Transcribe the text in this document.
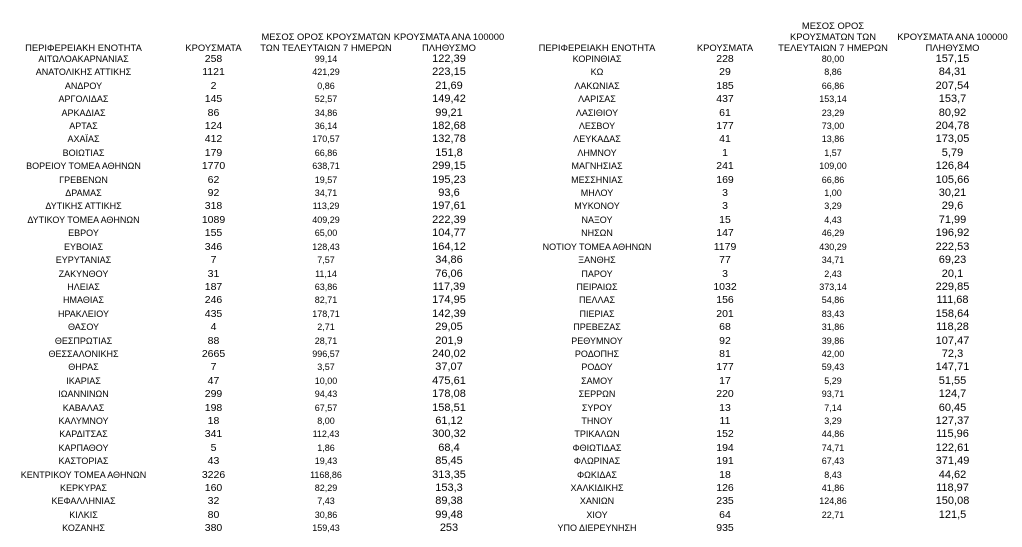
ΠΕΡΙΦΕΡΕΙΑΚΗ ΕΝΟΤΗΤΑ	ΚΡΟΥΣΜΑΤΑ	ΜΕΣΟΣ ΟΡΟΣ ΚΡΟΥΣΜΑΤΩΝ ΤΩΝ ΤΕΛΕΥΤΑΙΩΝ 7 ΗΜΕΡΩΝ	ΚΡΟΥΣΜΑΤΑ ΑΝΑ 100000 ΠΛΗΘΥΣΜΟ
ΑΙΤΩΛΟΑΚΑΡΝΑΝΙΑΣ	258	99,14	122,39
ΑΝΑΤΟΛΙΚΗΣ ΑΤΤΙΚΗΣ	1121	421,29	223,15
ΑΝΔΡΟΥ	2	0,86	21,69
ΑΡΓΟΛΙΔΑΣ	145	52,57	149,42
ΑΡΚΑΔΙΑΣ	86	34,86	99,21
ΑΡΤΑΣ	124	36,14	182,68
ΑΧΑΪΑΣ	412	170,57	132,78
ΒΟΙΩΤΙΑΣ	179	66,86	151,8
ΒΟΡΕΙΟΥ ΤΟΜΕΑ ΑΘΗΝΩΝ	1770	638,71	299,15
ΓΡΕΒΕΝΩΝ	62	19,57	195,23
ΔΡΑΜΑΣ	92	34,71	93,6
ΔΥΤΙΚΗΣ ΑΤΤΙΚΗΣ	318	113,29	197,61
ΔΥΤΙΚΟΥ ΤΟΜΕΑ ΑΘΗΝΩΝ	1089	409,29	222,39
ΕΒΡΟΥ	155	65,00	104,77
ΕΥΒΟΙΑΣ	346	128,43	164,12
ΕΥΡΥΤΑΝΙΑΣ	7	7,57	34,86
ΖΑΚΥΝΘΟΥ	31	11,14	76,06
ΗΛΕΙΑΣ	187	63,86	117,39
ΗΜΑΘΙΑΣ	246	82,71	174,95
ΗΡΑΚΛΕΙΟΥ	435	178,71	142,39
ΘΑΣΟΥ	4	2,71	29,05
ΘΕΣΠΡΩΤΙΑΣ	88	28,71	201,9
ΘΕΣΣΑΛΟΝΙΚΗΣ	2665	996,57	240,02
ΘΗΡΑΣ	7	3,57	37,07
ΙΚΑΡΙΑΣ	47	10,00	475,61
ΙΩΑΝΝΙΝΩΝ	299	94,43	178,08
ΚΑΒΑΛΑΣ	198	67,57	158,51
ΚΑΛΥΜΝΟΥ	18	8,00	61,12
ΚΑΡΔΙΤΣΑΣ	341	112,43	300,32
ΚΑΡΠΑΘΟΥ	5	1,86	68,4
ΚΑΣΤΟΡΙΑΣ	43	19,43	85,45
ΚΕΝΤΡΙΚΟΥ ΤΟΜΕΑ ΑΘΗΝΩΝ	3226	1168,86	313,35
ΚΕΡΚΥΡΑΣ	160	82,29	153,3
ΚΕΦΑΛΛΗΝΙΑΣ	32	7,43	89,38
ΚΙΛΚΙΣ	80	30,86	99,48
ΚΟΖΑΝΗΣ	380	159,43	253
ΠΕΡΙΦΕΡΕΙΑΚΗ ΕΝΟΤΗΤΑ	ΚΡΟΥΣΜΑΤΑ	ΜΕΣΟΣ ΟΡΟΣ ΚΡΟΥΣΜΑΤΩΝ ΤΩΝ ΤΕΛΕΥΤΑΙΩΝ 7 ΗΜΕΡΩΝ	ΚΡΟΥΣΜΑΤΑ ΑΝΑ 100000 ΠΛΗΘΥΣΜΟ
ΚΟΡΙΝΘΙΑΣ	228	80,00	157,15
ΚΩ	29	8,86	84,31
ΛΑΚΩΝΙΑΣ	185	66,86	207,54
ΛΑΡΙΣΑΣ	437	153,14	153,7
ΛΑΣΙΘΙΟΥ	61	23,29	80,92
ΛΕΣΒΟΥ	177	73,00	204,78
ΛΕΥΚΑΔΑΣ	41	13,86	173,05
ΛΗΜΝΟΥ	1	1,57	5,79
ΜΑΓΝΗΣΙΑΣ	241	109,00	126,84
ΜΕΣΣΗΝΙΑΣ	169	66,86	105,66
ΜΗΛΟΥ	3	1,00	30,21
ΜΥΚΟΝΟΥ	3	3,29	29,6
ΝΑΞΟΥ	15	4,43	71,99
ΝΗΣΩΝ	147	46,29	196,92
ΝΟΤΙΟΥ ΤΟΜΕΑ ΑΘΗΝΩΝ	1179	430,29	222,53
ΞΑΝΘΗΣ	77	34,71	69,23
ΠΑΡΟΥ	3	2,43	20,1
ΠΕΙΡΑΙΩΣ	1032	373,14	229,85
ΠΕΛΛΑΣ	156	54,86	111,68
ΠΙΕΡΙΑΣ	201	83,43	158,64
ΠΡΕΒΕΖΑΣ	68	31,86	118,28
ΡΕΘΥΜΝΟΥ	92	39,86	107,47
ΡΟΔΟΠΗΣ	81	42,00	72,3
ΡΟΔΟΥ	177	59,43	147,71
ΣΑΜΟΥ	17	5,29	51,55
ΣΕΡΡΩΝ	220	93,71	124,7
ΣΥΡΟΥ	13	7,14	60,45
ΤΗΝΟΥ	11	3,29	127,37
ΤΡΙΚΑΛΩΝ	152	44,86	115,96
ΦΘΙΩΤΙΔΑΣ	194	74,71	122,61
ΦΛΩΡΙΝΑΣ	191	67,43	371,49
ΦΩΚΙΔΑΣ	18	8,43	44,62
ΧΑΛΚΙΔΙΚΗΣ	126	41,86	118,97
ΧΑΝΙΩΝ	235	124,86	150,08
ΧΙΟΥ	64	22,71	121,5
ΥΠΟ ΔΙΕΡΕΥΝΗΣΗ	935		
